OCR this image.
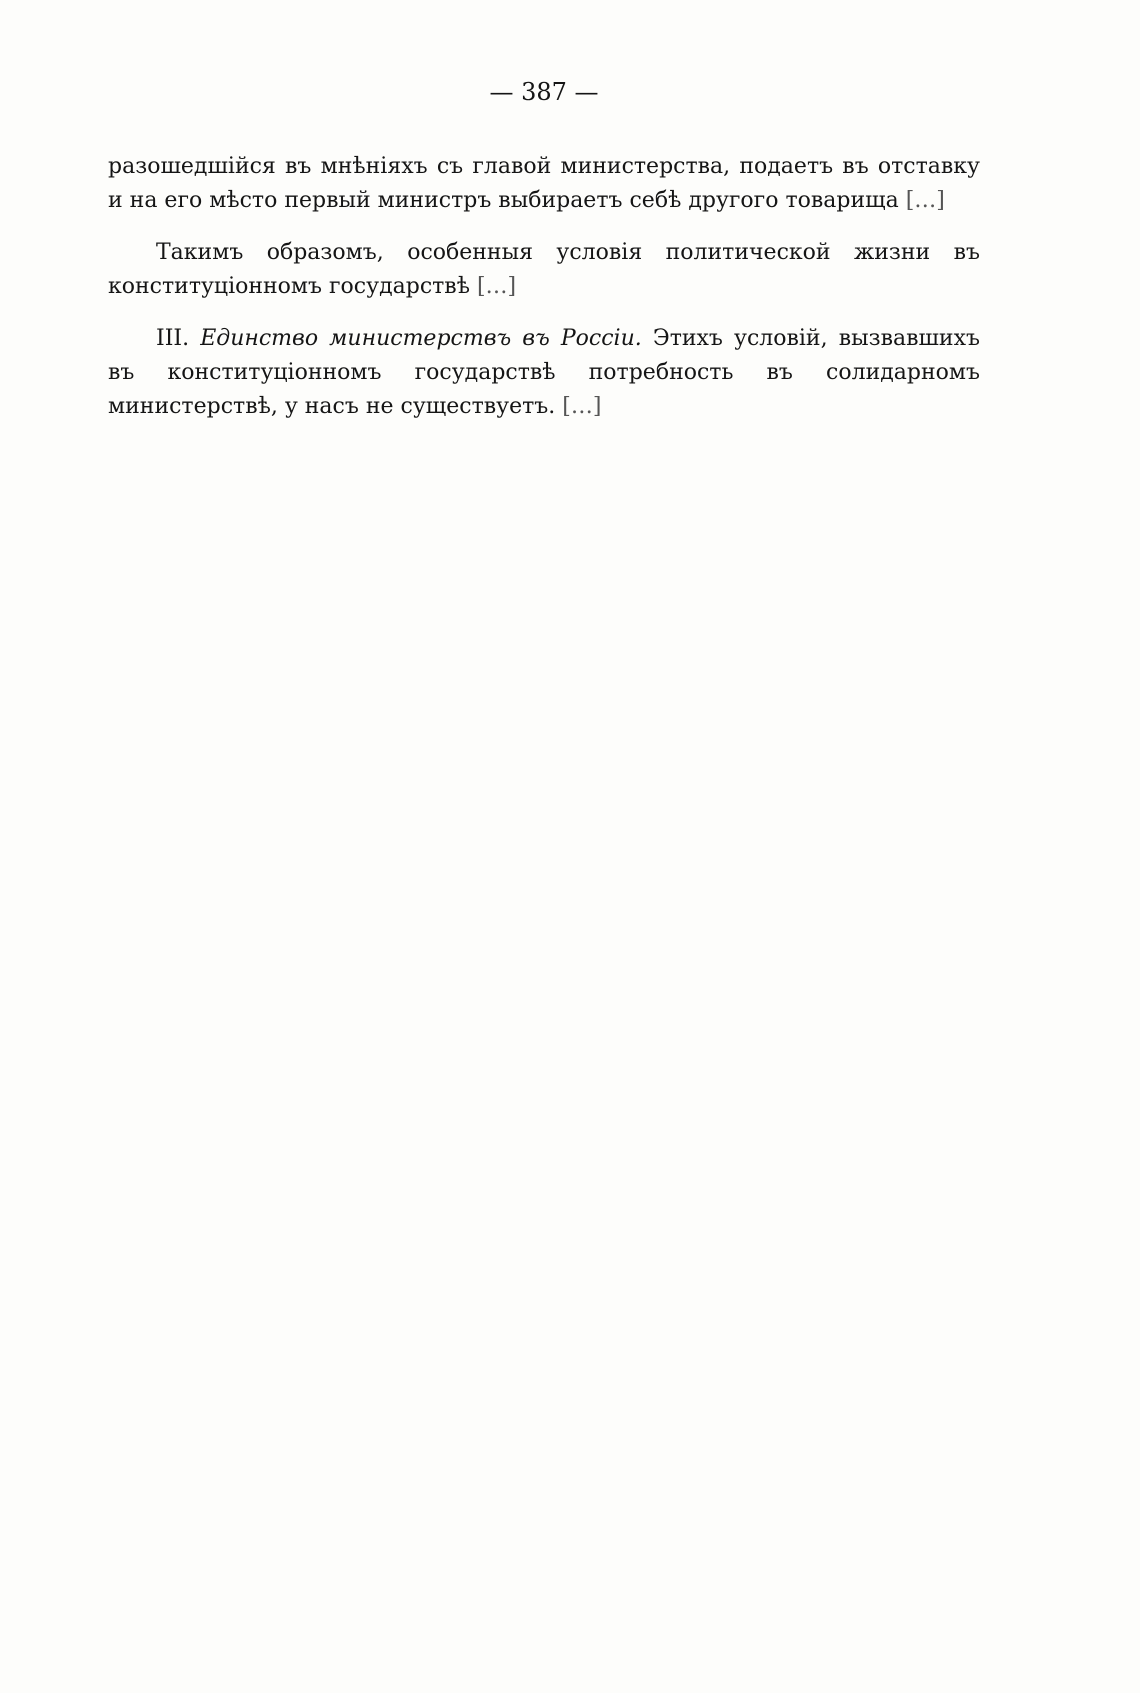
— 387 —

разошедшійся въ мнѣніяхъ съ главой министерства, подаетъ въ отставку и на его мѣсто первый министръ выбираетъ себѣ другого товарища […]

Такимъ образомъ, особенныя условія политической жизни въ конституціонномъ государствѣ […]

III. Единство министерствъ въ Россіи. Этихъ условій, вызвавшихъ въ конституціонномъ государствѣ потребность въ солидарномъ министерствѣ, у насъ не существуетъ. […]
